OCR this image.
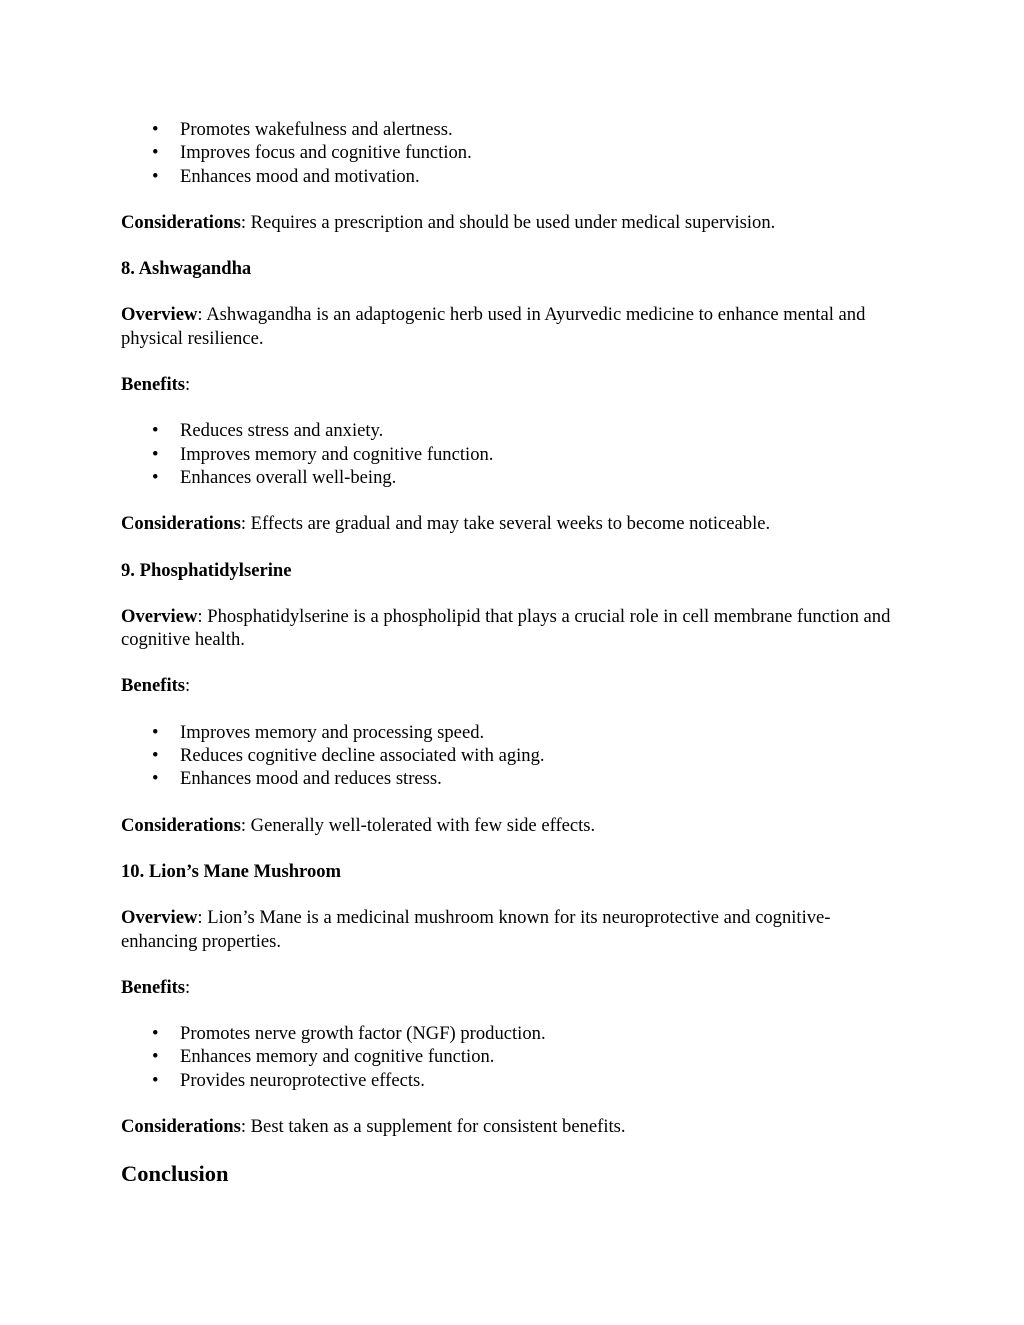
• Promotes wakefulness and alertness.
• Improves focus and cognitive function.
• Enhances mood and motivation.

Considerations: Requires a prescription and should be used under medical supervision.

8. Ashwagandha

Overview: Ashwagandha is an adaptogenic herb used in Ayurvedic medicine to enhance mental and physical resilience.

Benefits:

• Reduces stress and anxiety.
• Improves memory and cognitive function.
• Enhances overall well-being.

Considerations: Effects are gradual and may take several weeks to become noticeable.

9. Phosphatidylserine

Overview: Phosphatidylserine is a phospholipid that plays a crucial role in cell membrane function and cognitive health.

Benefits:

• Improves memory and processing speed.
• Reduces cognitive decline associated with aging.
• Enhances mood and reduces stress.

Considerations: Generally well-tolerated with few side effects.

10. Lion’s Mane Mushroom

Overview: Lion’s Mane is a medicinal mushroom known for its neuroprotective and cognitive-enhancing properties.

Benefits:

• Promotes nerve growth factor (NGF) production.
• Enhances memory and cognitive function.
• Provides neuroprotective effects.

Considerations: Best taken as a supplement for consistent benefits.

Conclusion
